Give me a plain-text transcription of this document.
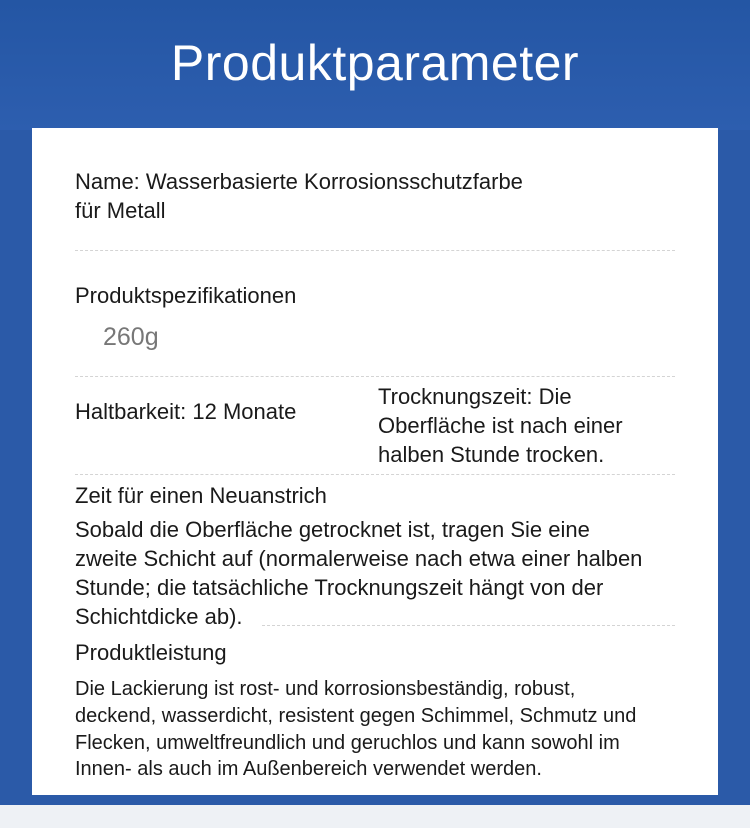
Produktparameter
Name: Wasserbasierte Korrosionsschutzfarbe
für Metall
Produktspezifikationen
260g
Haltbarkeit: 12 Monate
Trocknungszeit: Die
Oberfläche ist nach einer
halben Stunde trocken.
Zeit für einen Neuanstrich
Sobald die Oberfläche getrocknet ist, tragen Sie eine
zweite Schicht auf (normalerweise nach etwa einer halben
Stunde; die tatsächliche Trocknungszeit hängt von der
Schichtdicke ab).
Produktleistung
Die Lackierung ist rost- und korrosionsbeständig, robust,
deckend, wasserdicht, resistent gegen Schimmel, Schmutz und
Flecken, umweltfreundlich und geruchlos und kann sowohl im
Innen- als auch im Außenbereich verwendet werden.
